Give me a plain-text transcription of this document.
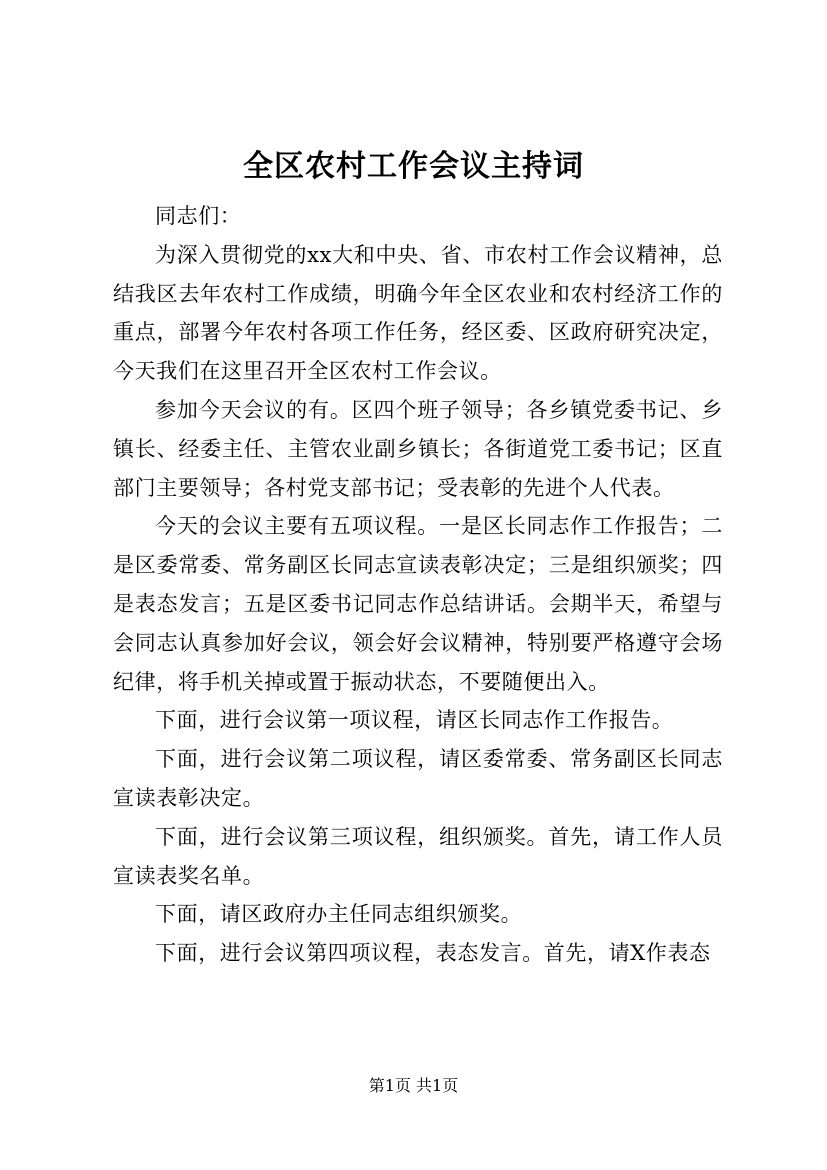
全区农村工作会议主持词

同志们：

为深入贯彻党的xx大和中央、省、市农村工作会议精神，总结我区去年农村工作成绩，明确今年全区农业和农村经济工作的重点，部署今年农村各项工作任务，经区委、区政府研究决定，今天我们在这里召开全区农村工作会议。

参加今天会议的有。区四个班子领导；各乡镇党委书记、乡镇长、经委主任、主管农业副乡镇长；各街道党工委书记；区直部门主要领导；各村党支部书记；受表彰的先进个人代表。

今天的会议主要有五项议程。一是区长同志作工作报告；二是区委常委、常务副区长同志宣读表彰决定；三是组织颁奖；四是表态发言；五是区委书记同志作总结讲话。会期半天，希望与会同志认真参加好会议，领会好会议精神，特别要严格遵守会场纪律，将手机关掉或置于振动状态，不要随便出入。

下面，进行会议第一项议程，请区长同志作工作报告。

下面，进行会议第二项议程，请区委常委、常务副区长同志宣读表彰决定。

下面，进行会议第三项议程，组织颁奖。首先，请工作人员宣读表奖名单。

下面，请区政府办主任同志组织颁奖。

下面，进行会议第四项议程，表态发言。首先，请X作表态

第1页 共1页
